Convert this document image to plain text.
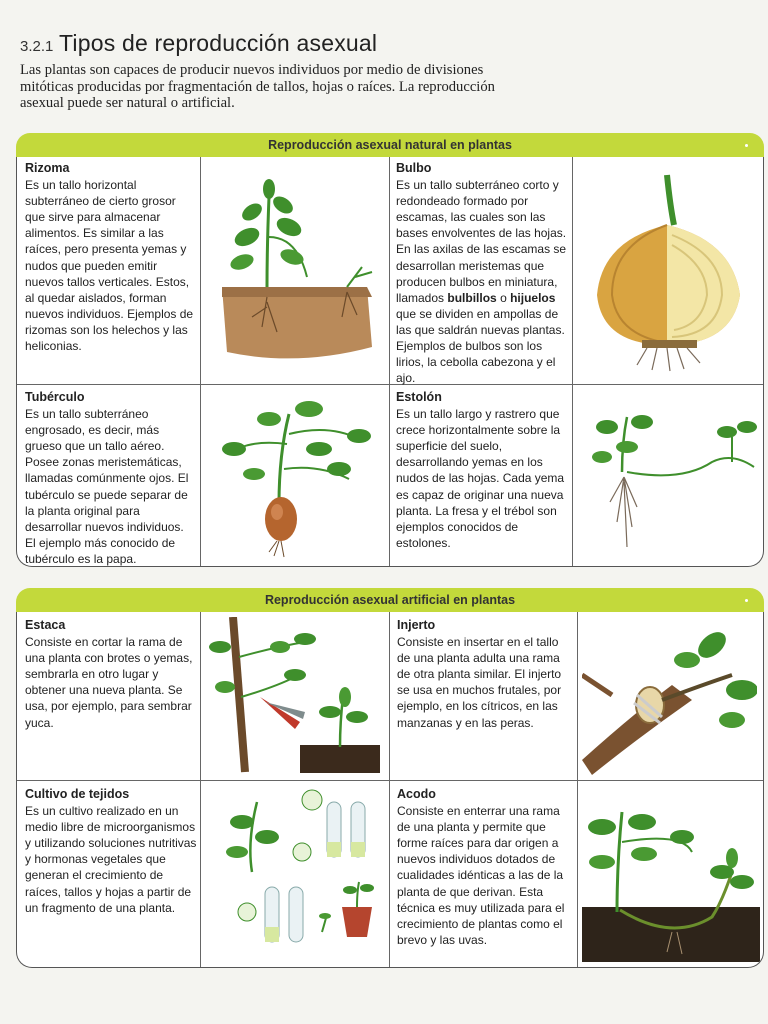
3.2.1 Tipos de reproducción asexual
Las plantas son capaces de producir nuevos individuos por medio de divisiones mitóticas producidas por fragmentación de tallos, hojas o raíces. La reproducción asexual puede ser natural o artificial.
Reproducción asexual natural en plantas
Rizoma
Es un tallo horizontal subterráneo de cierto grosor que sirve para almacenar alimentos. Es similar a las raíces, pero presenta yemas y nudos que pueden emitir nuevos tallos verticales. Estos, al quedar aislados, forman nuevos individuos. Ejemplos de rizomas son los helechos y las heliconias.
Bulbo
Es un tallo subterráneo corto y redondeado formado por escamas, las cuales son las bases envolventes de las hojas. En las axilas de las escamas se desarrollan meristemas que producen bulbos en miniatura, llamados bulbillos o hijuelos que se dividen en ampollas de las que saldrán nuevas plantas. Ejemplos de bulbos son los lirios, la cebolla cabezona y el ajo.
Tubérculo
Es un tallo subterráneo engrosado, es decir, más grueso que un tallo aéreo. Posee zonas meristemáticas, llamadas comúnmente ojos. El tubérculo se puede separar de la planta original para desarrollar nuevos individuos. El ejemplo más conocido de tubérculo es la papa.
Estolón
Es un tallo largo y rastrero que crece horizontalmente sobre la superficie del suelo, desarrollando yemas en los nudos de las hojas. Cada yema es capaz de originar una nueva planta. La fresa y el trébol son ejemplos conocidos de estolones.
Reproducción asexual artificial en plantas
Estaca
Consiste en cortar la rama de una planta con brotes o yemas, sembrarla en otro lugar y obtener una nueva planta. Se usa, por ejemplo, para sembrar yuca.
Injerto
Consiste en insertar en el tallo de una planta adulta una rama de otra planta similar. El injerto se usa en muchos frutales, por ejemplo, en los cítricos, en las manzanas y en las peras.
Cultivo de tejidos
Es un cultivo realizado en un medio libre de microorganismos y utilizando soluciones nutritivas y hormonas vegetales que generan el crecimiento de raíces, tallos y hojas a partir de un fragmento de una planta.
Acodo
Consiste en enterrar una rama de una planta y permite que forme raíces para dar origen a nuevos individuos dotados de cualidades idénticas a las de la planta de que derivan. Esta técnica es muy utilizada para el crecimiento de plantas como el brevo y las uvas.
